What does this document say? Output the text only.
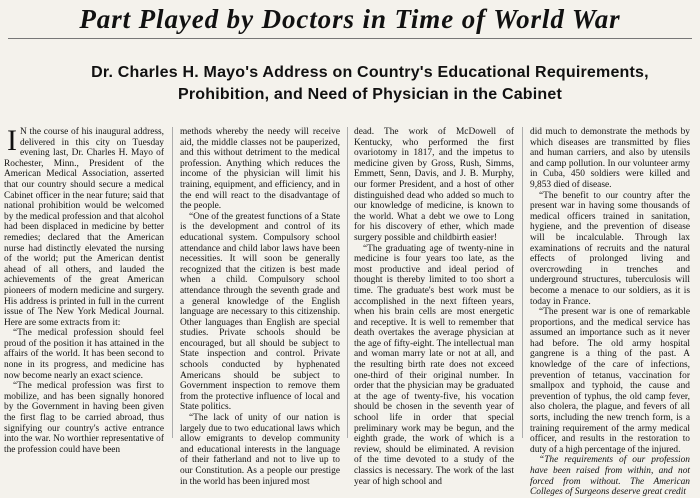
Part Played by Doctors in Time of World War
Dr. Charles H. Mayo's Address on Country's Educational Requirements, Prohibition, and Need of Physician in the Cabinet

I N the course of his inaugural address, delivered in this city on Tuesday evening last, Dr. Charles H. Mayo of Rochester, Minn., President of the American Medical Association, asserted that our country should secure a medical Cabinet officer in the near future; said that national prohibition would be welcomed by the medical profession and that alcohol had been displaced in medicine by better remedies; declared that the American nurse had distinctly elevated the nursing of the world; put the American dentist ahead of all others, and lauded the achievements of the great American pioneers of modern medicine and surgery. His address is printed in full in the current issue of The New York Medical Journal. Here are some extracts from it:

“The medical profession should feel proud of the position it has attained in the affairs of the world. It has been second to none in its progress, and medicine has now become nearly an exact science.

“The medical profession was first to mobilize, and has been signally honored by the Government in having been given the first flag to be carried abroad, thus signifying our country's active entrance into the war. No worthier representative of the profession could have been

methods whereby the needy will receive aid, the middle classes not be pauperized, and this without detriment to the medical profession. Anything which reduces the income of the physician will limit his training, equipment, and efficiency, and in the end will react to the disadvantage of the people.

“One of the greatest functions of a State is the development and control of its educational system. Compulsory school attendance and child labor laws have been necessities. It will soon be generally recognized that the citizen is best made when a child. Compulsory school attendance through the seventh grade and a general knowledge of the English language are necessary to this citizenship. Other languages than English are special studies. Private schools should be encouraged, but all should be subject to State inspection and control. Private schools conducted by hyphenated Americans should be subject to Government inspection to remove them from the protective influence of local and State politics.

“The lack of unity of our nation is largely due to two educational laws which allow emigrants to develop community and educational interests in the language of their fatherland and not to live up to our Constitution. As a people our prestige in the world has been injured most

dead. The work of McDowell of Kentucky, who performed the first ovariotomy in 1817, and the impetus to medicine given by Gross, Rush, Simms, Emmett, Senn, Davis, and J. B. Murphy, our former President, and a host of other distinguished dead who added so much to our knowledge of medicine, is known to the world. What a debt we owe to Long for his discovery of ether, which made surgery possible and childbirth easier!

“The graduating age of twenty-nine in medicine is four years too late, as the most productive and ideal period of thought is thereby limited to too short a time. The graduate's best work must be accomplished in the next fifteen years, when his brain cells are most energetic and receptive. It is well to remember that death overtakes the average physician at the age of fifty-eight. The intellectual man and woman marry late or not at all, and the resulting birth rate does not exceed one-third of their original number. In order that the physician may be graduated at the age of twenty-five, his vocation should be chosen in the seventh year of school life in order that special preliminary work may be begun, and the eighth grade, the work of which is a review, should be eliminated. A revision of the time devoted to a study of the classics is necessary. The work of the last year of high school and

did much to demonstrate the methods by which diseases are transmitted by flies and human carriers, and also by utensils and camp pollution. In our volunteer army in Cuba, 450 soldiers were killed and 9,853 died of disease.

“The benefit to our country after the present war in having some thousands of medical officers trained in sanitation, hygiene, and the prevention of disease will be incalculable. Through lax examinations of recruits and the natural effects of prolonged living and overcrowding in trenches and underground structures, tuberculosis will become a menace to our soldiers, as it is today in France.

“The present war is one of remarkable proportions, and the medical service has assumed an importance such as it never had before. The old army hospital gangrene is a thing of the past. A knowledge of the care of infections, prevention of tetanus, vaccination for smallpox and typhoid, the cause and prevention of typhus, the old camp fever, also cholera, the plague, and fevers of all sorts, including the new trench form, is a training requirement of the army medical officer, and results in the restoration to duty of a high percentage of the injured.

“The requirements of our profession have been raised from within, and not forced from without. The American Colleges of Surgeons deserve great credit
